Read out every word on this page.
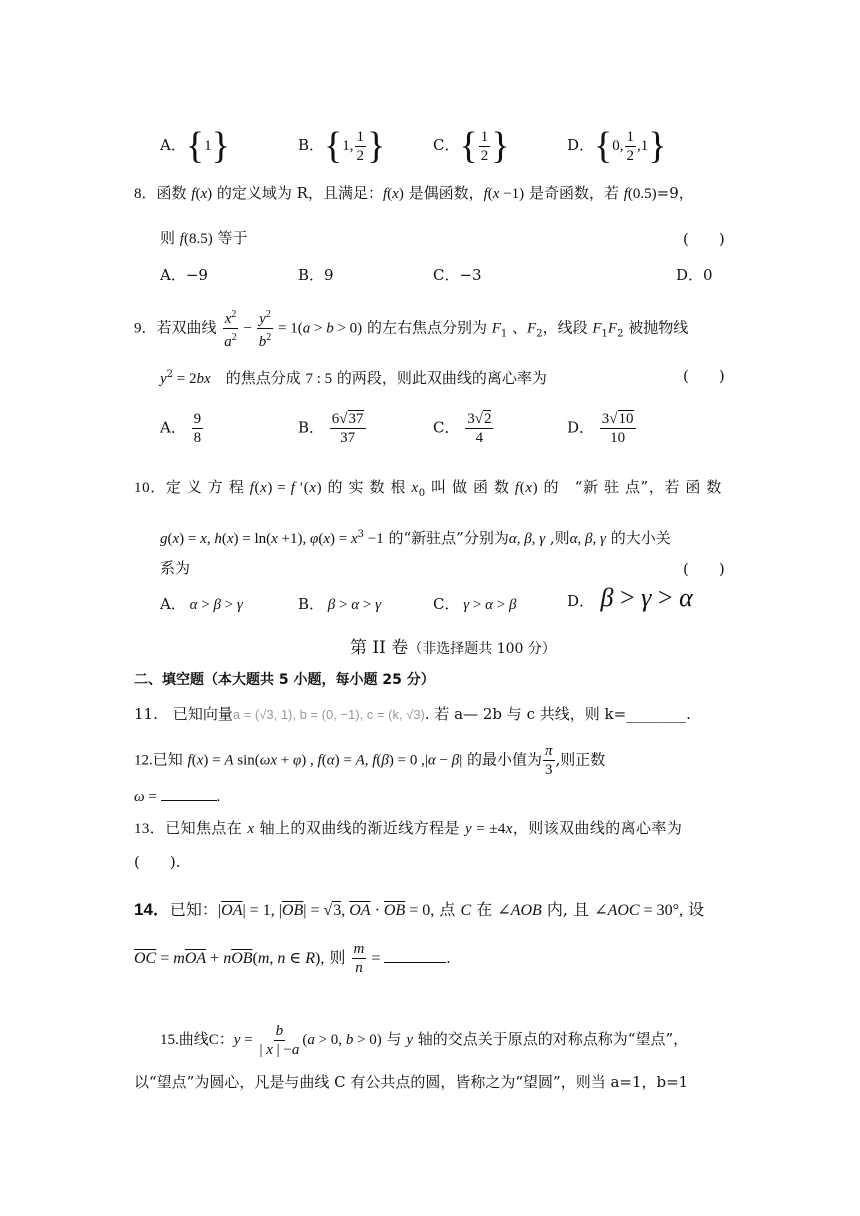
A．{1}	B．{1, $\frac{1}{2}$ }	C．{ $\frac{1}{2}$ }	D．{0, $\frac{1}{2} ,1$}
8．函数 f(x) 的定义域为 R，且满足：f(x) 是偶函数，f(x −1) 是奇函数，若 f(0.5)=9，
则 f(8.5) 等于	(　　)
A．−9	B．9	C．−3	D．0
9．若双曲线 $\frac{x^2}{a^2} - \frac{y^2}{b^2} = 1(a > b > 0)$ 的左右焦点分别为 $F_1$ 、$F_2$，线段 $F_1F_2$ 被抛物线
$y^2 = 2bx$　的焦点分成 7 : 5 的两段，则此双曲线的离心率为	(　　)
A． $\frac{9}{8}$	B． $\frac{6√37}{37}$	C． $\frac{3√2}{4}$	D． $\frac{3√10}{10}$
10．定 义 方 程 f(x) = f ′(x) 的 实 数 根 $x_0$ 叫 做 函 数 f(x) 的　“新 驻 点”，若 函 数
g(x) = x, h(x) = ln(x +1), $\varphi(x) = x^3 -1$ 的“新驻点”分别为α, β, γ ,则α, β, γ 的大小关
系为	(　　)
A． α > β > γ	B． β > α > γ	C． γ > α > β	D． β > γ > α
第 II 卷（非选择题共 100 分）
二、填空题（本大题共 5 小题，每小题 25 分）
11.　已知向量a = (√3, 1), b = (0, −1), c = (k, √3). 若 a— 2b 与 c 共线，则 k=________.
12.已知 f(x) = A sin(ωx + φ) , f(α) = A, f(β) = 0 ,|α − β| 的最小值为 $\frac{\pi}{3}$ ,则正数
ω =	.
13．已知焦点在 x 轴上的双曲线的渐近线方程是 y = ±4x，则该双曲线的离心率为
(　　).
14．已知：$|\overline{OA}| = 1$, $|\overline{OB}| = √3$, $\overline{OA} \cdot \overline{OB} = 0$, 点 C 在 ∠AOB 内, 且 ∠AOC = 30°, 设
$\overline{OC} = m\overline{OA} + n\overline{OB}(m$, n ∈ R), 则 $\frac{m}{n}$ =	.
15.曲线C：$y = \frac{b}{| x | -a} (a > 0$, b > 0) 与 y 轴的交点关于原点的对称点称为“望点”，
以“望点”为圆心，凡是与曲线 C 有公共点的圆，皆称之为“望圆”，则当 a=1，b=1
